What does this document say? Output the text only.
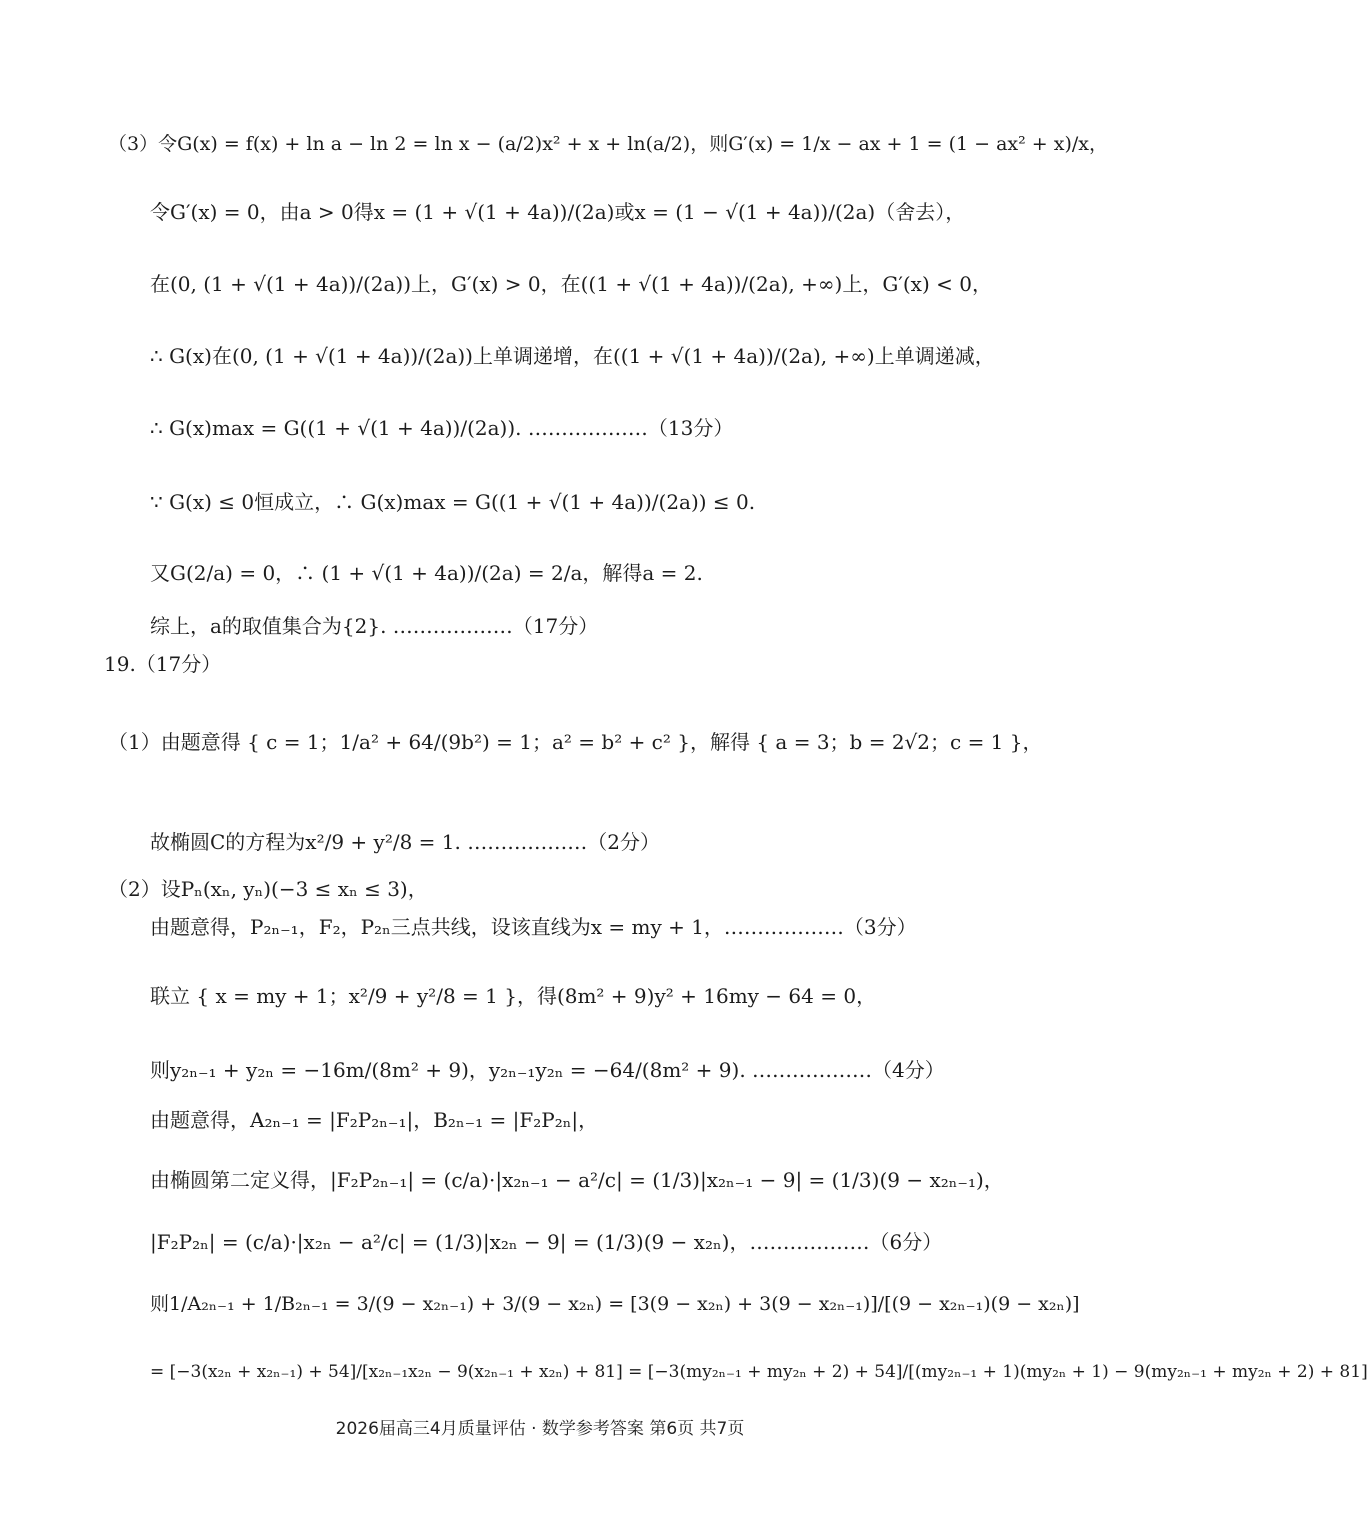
（3）令G(x) = f(x) + ln a − ln 2 = ln x − (a/2)x² + x + ln(a/2)，则G′(x) = 1/x − ax + 1 = (1 − ax² + x)/x，
令G′(x) = 0，由a > 0得x = (1 + √(1 + 4a))/(2a)或x = (1 − √(1 + 4a))/(2a)（舍去），
在(0, (1 + √(1 + 4a))/(2a))上，G′(x) > 0，在((1 + √(1 + 4a))/(2a), +∞)上，G′(x) < 0，
∴ G(x)在(0, (1 + √(1 + 4a))/(2a))上单调递增，在((1 + √(1 + 4a))/(2a), +∞)上单调递减，
∴ G(x)max = G((1 + √(1 + 4a))/(2a)). ………………（13分）
∵ G(x) ≤ 0恒成立，∴ G(x)max = G((1 + √(1 + 4a))/(2a)) ≤ 0.
又G(2/a) = 0，∴ (1 + √(1 + 4a))/(2a) = 2/a，解得a = 2.
综上，a的取值集合为{2}. ………………（17分）
19.（17分）
（1）由题意得 { c = 1；1/a² + 64/(9b²) = 1；a² = b² + c² }，解得 { a = 3；b = 2√2；c = 1 }，
故椭圆C的方程为x²/9 + y²/8 = 1. ………………（2分）
（2）设Pₙ(xₙ, yₙ)(−3 ≤ xₙ ≤ 3)，
由题意得，P₂ₙ₋₁，F₂，P₂ₙ三点共线，设该直线为x = my + 1，………………（3分）
联立 { x = my + 1；x²/9 + y²/8 = 1 }，得(8m² + 9)y² + 16my − 64 = 0，
则y₂ₙ₋₁ + y₂ₙ = −16m/(8m² + 9)，y₂ₙ₋₁y₂ₙ = −64/(8m² + 9). ………………（4分）
由题意得，A₂ₙ₋₁ = |F₂P₂ₙ₋₁|，B₂ₙ₋₁ = |F₂P₂ₙ|，
由椭圆第二定义得，|F₂P₂ₙ₋₁| = (c/a)·|x₂ₙ₋₁ − a²/c| = (1/3)|x₂ₙ₋₁ − 9| = (1/3)(9 − x₂ₙ₋₁)，
|F₂P₂ₙ| = (c/a)·|x₂ₙ − a²/c| = (1/3)|x₂ₙ − 9| = (1/3)(9 − x₂ₙ)，………………（6分）
则1/A₂ₙ₋₁ + 1/B₂ₙ₋₁ = 3/(9 − x₂ₙ₋₁) + 3/(9 − x₂ₙ) = [3(9 − x₂ₙ) + 3(9 − x₂ₙ₋₁)]/[(9 − x₂ₙ₋₁)(9 − x₂ₙ)]
= [−3(x₂ₙ + x₂ₙ₋₁) + 54]/[x₂ₙ₋₁x₂ₙ − 9(x₂ₙ₋₁ + x₂ₙ) + 81] = [−3(my₂ₙ₋₁ + my₂ₙ + 2) + 54]/[(my₂ₙ₋₁ + 1)(my₂ₙ + 1) − 9(my₂ₙ₋₁ + my₂ₙ + 2) + 81]
2026届高三4月质量评估 · 数学参考答案 第6页 共7页
